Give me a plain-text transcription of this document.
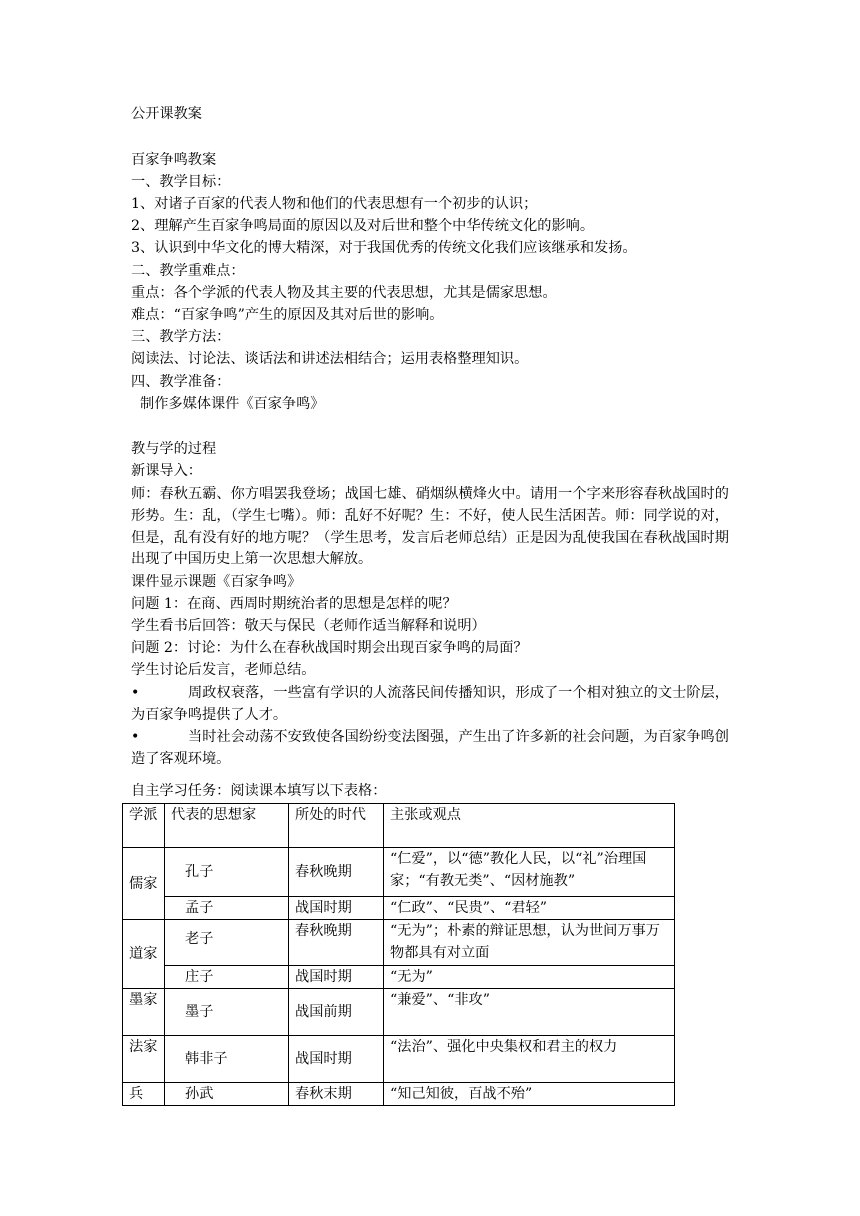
公开课教案
百家争鸣教案
一、教学目标：
1、对诸子百家的代表人物和他们的代表思想有一个初步的认识；
2、理解产生百家争鸣局面的原因以及对后世和整个中华传统文化的影响。
3、认识到中华文化的博大精深，对于我国优秀的传统文化我们应该继承和发扬。
二、教学重难点：
重点：各个学派的代表人物及其主要的代表思想，尤其是儒家思想。
难点：“百家争鸣”产生的原因及其对后世的影响。
三、教学方法：
阅读法、讨论法、谈话法和讲述法相结合；运用表格整理知识。
四、教学准备：
制作多媒体课件《百家争鸣》
教与学的过程
新课导入：
师：春秋五霸、你方唱罢我登场；战国七雄、硝烟纵横烽火中。请用一个字来形容春秋战国时的形势。生：乱，（学生七嘴）。师：乱好不好呢？生：不好，使人民生活困苦。师：同学说的对，但是，乱有没有好的地方呢？（学生思考，发言后老师总结）正是因为乱使我国在春秋战国时期出现了中国历史上第一次思想大解放。
课件显示课题《百家争鸣》
问题 1：在商、西周时期统治者的思想是怎样的呢？
学生看书后回答：敬天与保民（老师作适当解释和说明）
问题 2：讨论：为什么在春秋战国时期会出现百家争鸣的局面？
学生讨论后发言，老师总结。
•	周政权衰落，一些富有学识的人流落民间传播知识，形成了一个相对独立的文士阶层，为百家争鸣提供了人才。
•	当时社会动荡不安致使各国纷纷变法图强，产生出了许多新的社会问题，为百家争鸣创造了客观环境。
自主学习任务：阅读课本填写以下表格：
学派	代表的思想家	所处的时代	主张或观点
儒家	孔子	春秋晚期	“仁爱”，以“德”教化人民，以“礼”治理国家；“有教无类”、“因材施教”
	孟子	战国时期	“仁政”、“民贵”、“君轻”
道家	老子	春秋晚期	“无为”；朴素的辩证思想，认为世间万事万物都具有对立面
	庄子	战国时期	“无为”
墨家	墨子	战国前期	“兼爱”、“非攻”
法家	韩非子	战国时期	“法治”、强化中央集权和君主的权力
兵	孙武	春秋末期	“知己知彼，百战不殆”
